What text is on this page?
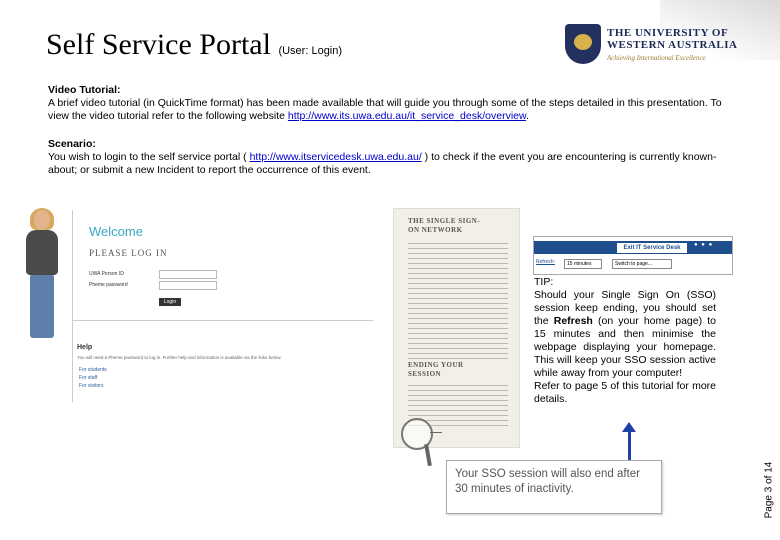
Self Service Portal (User: Login)
THE UNIVERSITY OF
WESTERN AUSTRALIA
Achieving International Excellence
Video Tutorial:
A brief video tutorial (in QuickTime format) has been made available that will guide you through some of the steps detailed in this presentation. To view the video tutorial refer to the following website http://www.its.uwa.edu.au/it_service_desk/overview.
Scenario:
You wish to login to the self service portal ( http://www.itservicedesk.uwa.edu.au/ ) to check if the event you are encountering is currently known-about; or submit a new Incident to report the occurrence of this event.
Welcome
PLEASE LOG IN
UWA Person ID
Pheme password
Login
Help
You will need a Pheme password to log in. Further help and information is available via the links below.
For students
For staff
For visitors
THE SINGLE SIGN-
ON NETWORK
ENDING YOUR
SESSION
Exit IT Service Desk	● ● ●
Refresh:	15 minutes	Switch to page...
TIP:
Should your Single Sign On (SSO) session keep ending, you should set the Refresh (on your home page) to 15 minutes and then minimise the webpage displaying your homepage. This will keep your SSO session active while away from your computer!
Refer to page 5 of this tutorial for more details.
Your SSO session will also end after 30 minutes of inactivity.	Page 3 of 14
